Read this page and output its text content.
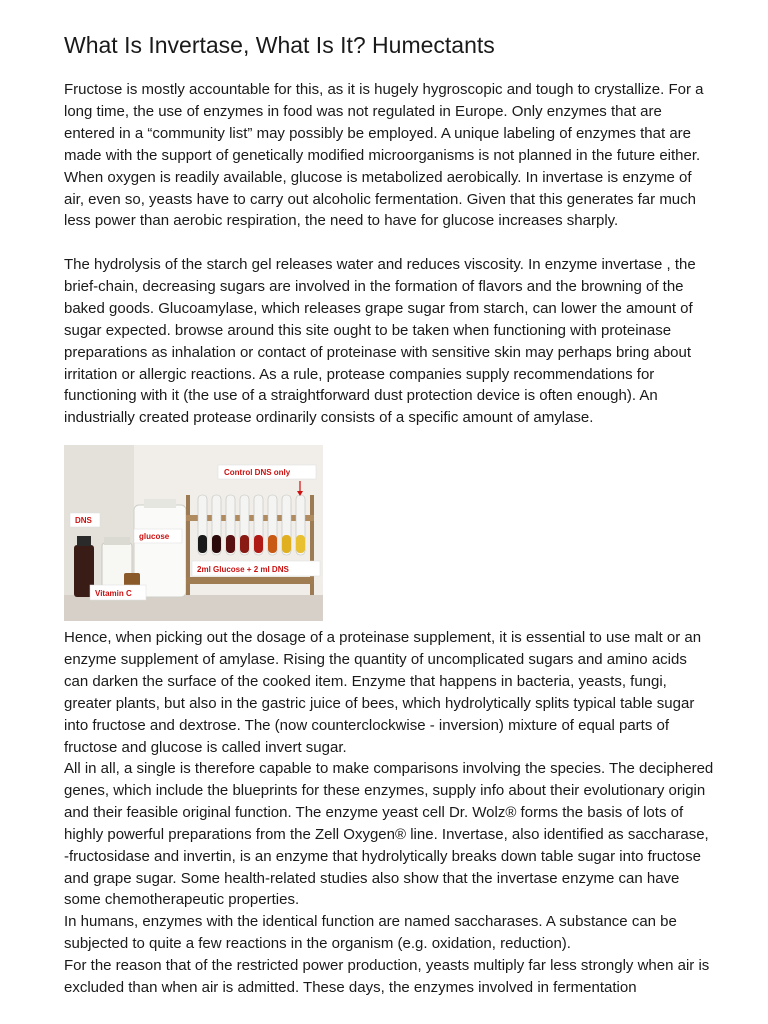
What Is Invertase, What Is It? Humectants

Fructose is mostly accountable for this, as it is hugely hygroscopic and tough to crystallize. For a long time, the use of enzymes in food was not regulated in Europe. Only enzymes that are entered in a “community list” may possibly be employed. A unique labeling of enzymes that are made with the support of genetically modified microorganisms is not planned in the future either. When oxygen is readily available, glucose is metabolized aerobically. In invertase is enzyme of air, even so, yeasts have to carry out alcoholic fermentation. Given that this generates far much less power than aerobic respiration, the need to have for glucose increases sharply.

The hydrolysis of the starch gel releases water and reduces viscosity. In enzyme invertase , the brief-chain, decreasing sugars are involved in the formation of flavors and the browning of the baked goods. Glucoamylase, which releases grape sugar from starch, can lower the amount of sugar expected. browse around this site ought to be taken when functioning with proteinase preparations as inhalation or contact of proteinase with sensitive skin may perhaps bring about irritation or allergic reactions. As a rule, protease companies supply recommendations for functioning with it (the use of a straightforward dust protection device is often enough). An industrially created protease ordinarily consists of a specific amount of amylase.

Control DNS only
DNS
glucose
2ml Glucose + 2 ml DNS
Vitamin C

Hence, when picking out the dosage of a proteinase supplement, it is essential to use malt or an enzyme supplement of amylase. Rising the quantity of uncomplicated sugars and amino acids can darken the surface of the cooked item. Enzyme that happens in bacteria, yeasts, fungi, greater plants, but also in the gastric juice of bees, which hydrolytically splits typical table sugar into fructose and dextrose. The (now counterclockwise - inversion) mixture of equal parts of fructose and glucose is called invert sugar.

All in all, a single is therefore capable to make comparisons involving the species. The deciphered genes, which include the blueprints for these enzymes, supply info about their evolutionary origin and their feasible original function. The enzyme yeast cell Dr. Wolz® forms the basis of lots of highly powerful preparations from the Zell Oxygen® line. Invertase, also identified as saccharase, -fructosidase and invertin, is an enzyme that hydrolytically breaks down table sugar into fructose and grape sugar. Some health-related studies also show that the invertase enzyme can have some chemotherapeutic properties.

In humans, enzymes with the identical function are named saccharases. A substance can be subjected to quite a few reactions in the organism (e.g. oxidation, reduction).

For the reason that of the restricted power production, yeasts multiply far less strongly when air is excluded than when air is admitted. These days, the enzymes involved in fermentation
